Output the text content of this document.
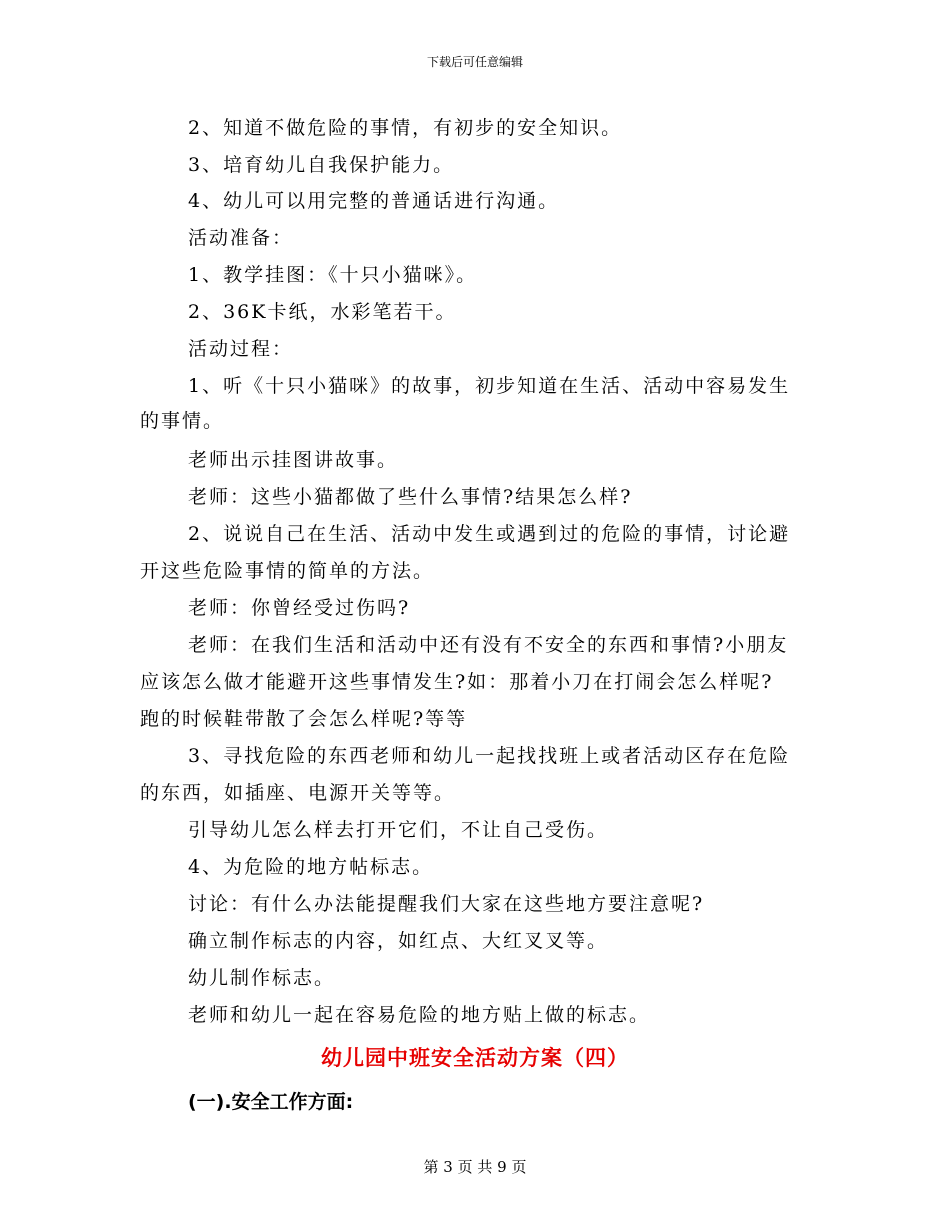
下载后可任意编辑
2、知道不做危险的事情，有初步的安全知识。
3、培育幼儿自我保护能力。
4、幼儿可以用完整的普通话进行沟通。
活动准备：
1、教学挂图：《十只小猫咪》。
2、36K卡纸，水彩笔若干。
活动过程：
1、听《十只小猫咪》的故事，初步知道在生活、活动中容易发生
的事情。
老师出示挂图讲故事。
老师：这些小猫都做了些什么事情?结果怎么样?
2、说说自己在生活、活动中发生或遇到过的危险的事情，讨论避
开这些危险事情的简单的方法。
老师：你曾经受过伤吗?
老师：在我们生活和活动中还有没有不安全的东西和事情?小朋友
应该怎么做才能避开这些事情发生?如：那着小刀在打闹会怎么样呢?
跑的时候鞋带散了会怎么样呢?等等
3、寻找危险的东西老师和幼儿一起找找班上或者活动区存在危险
的东西，如插座、电源开关等等。
引导幼儿怎么样去打开它们，不让自己受伤。
4、为危险的地方帖标志。
讨论：有什么办法能提醒我们大家在这些地方要注意呢?
确立制作标志的内容，如红点、大红叉叉等。
幼儿制作标志。
老师和幼儿一起在容易危险的地方贴上做的标志。
幼儿园中班安全活动方案（四）
(一).安全工作方面:
第 3 页 共 9 页
